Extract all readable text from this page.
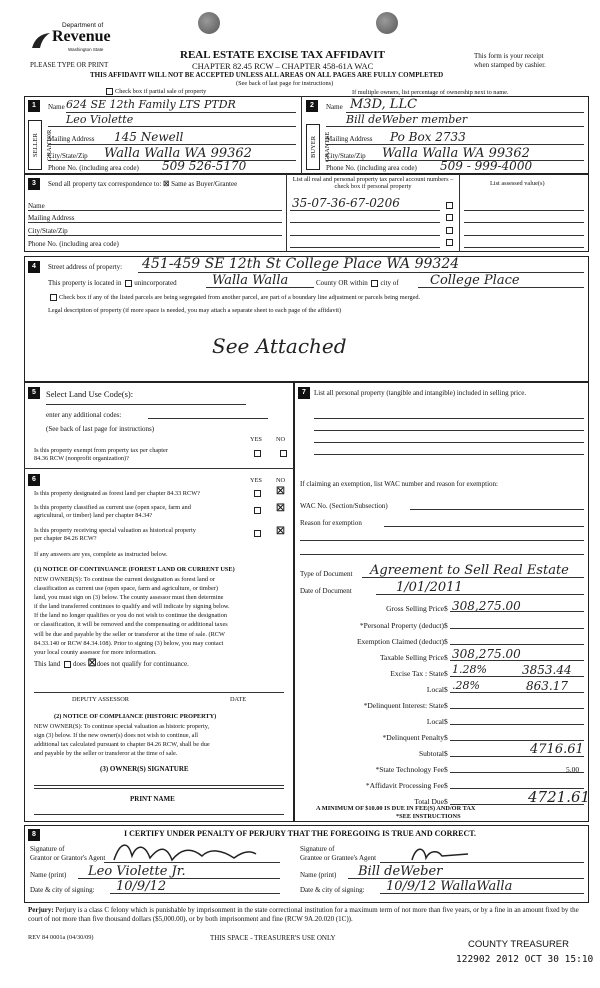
Department of
Revenue
Washington State
PLEASE TYPE OR PRINT
REAL ESTATE EXCISE TAX AFFIDAVIT
CHAPTER 82.45 RCW – CHAPTER 458-61A WAC
This form is your receipt
when stamped by cashier.
THIS AFFIDAVIT WILL NOT BE ACCEPTED UNLESS ALL AREAS ON ALL PAGES ARE FULLY COMPLETED
(See back of last page for instructions)
Check box if partial sale of property	If multiple owners, list percentage of ownership next to name.
1
SELLER GRANTOR
Name 624 SE 12th Family LTS PTDR
Leo Violette
Mailing Address 145 Newell
City/State/Zip Walla Walla WA 99362
Phone No. (including area code) 509 526-5170
2
BUYER GRANTEE
Name M3D, LLC
Bill deWeber member
Mailing Address Po Box 2733
City/State/Zip Walla Walla WA 99362
Phone No. (including area code) 509 - 999-4000
3	Send all property tax correspondence to: ☒ Same as Buyer/Grantee
List all real and personal property tax parcel account numbers – check box if personal property	List assessed value(s)
Name
Mailing Address
City/State/Zip
Phone No. (including area code)
35-07-36-67-0206
4	Street address of property: 451-459 SE 12th St College Place WA 99324
This property is located in unincorporated	Walla Walla	County OR within city of College Place
Check box if any of the listed parcels are being segregated from another parcel, are part of a boundary line adjustment or parcels being merged.
Legal description of property (if more space is needed, you may attach a separate sheet to each page of the affidavit)
See Attached
5	Select Land Use Code(s):
enter any additional codes:
(See back of last page for instructions)
YES NO
Is this property exempt from property tax per chapter
84.36 RCW (nonprofit organization)?
6	YES NO
Is this property designated as forest land per chapter 84.33 RCW?	☒
Is this property classified as current use (open space, farm and
agricultural, or timber) land per chapter 84.34?
☒
Is this property receiving special valuation as historical property
per chapter 84.26 RCW?
☒
If any answers are yes, complete as instructed below.
(1) NOTICE OF CONTINUANCE (FOREST LAND OR CURRENT USE)
NEW OWNER(S): To continue the current designation as forest land or
classification as current use (open space, farm and agriculture, or timber)
land, you must sign on (3) below. The county assessor must then determine
if the land transferred continues to qualify and will indicate by signing below.
If the land no longer qualifies or you do not wish to continue the designation
or classification, it will be removed and the compensating or additional taxes
will be due and payable by the seller or transferor at the time of sale. (RCW
84.33.140 or RCW 84.34.108). Prior to signing (3) below, you may contact
your local county assessor for more information.
This land does ☒does not qualify for continuance.
DEPUTY ASSESSOR	DATE
(2) NOTICE OF COMPLIANCE (HISTORIC PROPERTY)
NEW OWNER(S): To continue special valuation as historic property,
sign (3) below. If the new owner(s) does not wish to continue, all
additional tax calculated pursuant to chapter 84.26 RCW, shall be due
and payable by the seller or transferor at the time of sale.
(3) OWNER(S) SIGNATURE
PRINT NAME
7	List all personal property (tangible and intangible) included in selling price.
If claiming an exemption, list WAC number and reason for exemption:
WAC No. (Section/Subsection)
Reason for exemption
Type of Document Agreement to Sell Real Estate
Date of Document	1/01/2011
Gross Selling Price $ 308,275.00
*Personal Property (deduct) $
Exemption Claimed (deduct) $
Taxable Selling Price $ 308,275.00
Excise Tax : State $ 1.28%	3853.44
Local $ .28%	863.17
*Delinquent Interest: State $
Local $
*Delinquent Penalty $
Subtotal $	4716.61
*State Technology Fee $	5.00
*Affidavit Processing Fee $
Total Due $	4721.61
A MINIMUM OF $10.00 IS DUE IN FEE(S) AND/OR TAX
*SEE INSTRUCTIONS
8	I CERTIFY UNDER PENALTY OF PERJURY THAT THE FOREGOING IS TRUE AND CORRECT.
Signature of
Grantor or Grantor's Agent
Name (print) Leo Violette Jr.
Date & city of signing: 10/9/12
Signature of
Grantee or Grantee's Agent
Name (print) Bill deWeber
Date & city of signing: 10/9/12 WallaWalla
Perjury: Perjury is a class C felony which is punishable by imprisonment in the state correctional institution for a maximum term of not more than five years, or by a fine in an amount fixed by the court of not more than five thousand dollars ($5,000.00), or by both imprisonment and fine (RCW 9A.20.020 (1C)).
REV 84 0001a (04/30/09)	THIS SPACE - TREASURER'S USE ONLY
COUNTY TREASURER
122902 2012 OCT 30 15:10
